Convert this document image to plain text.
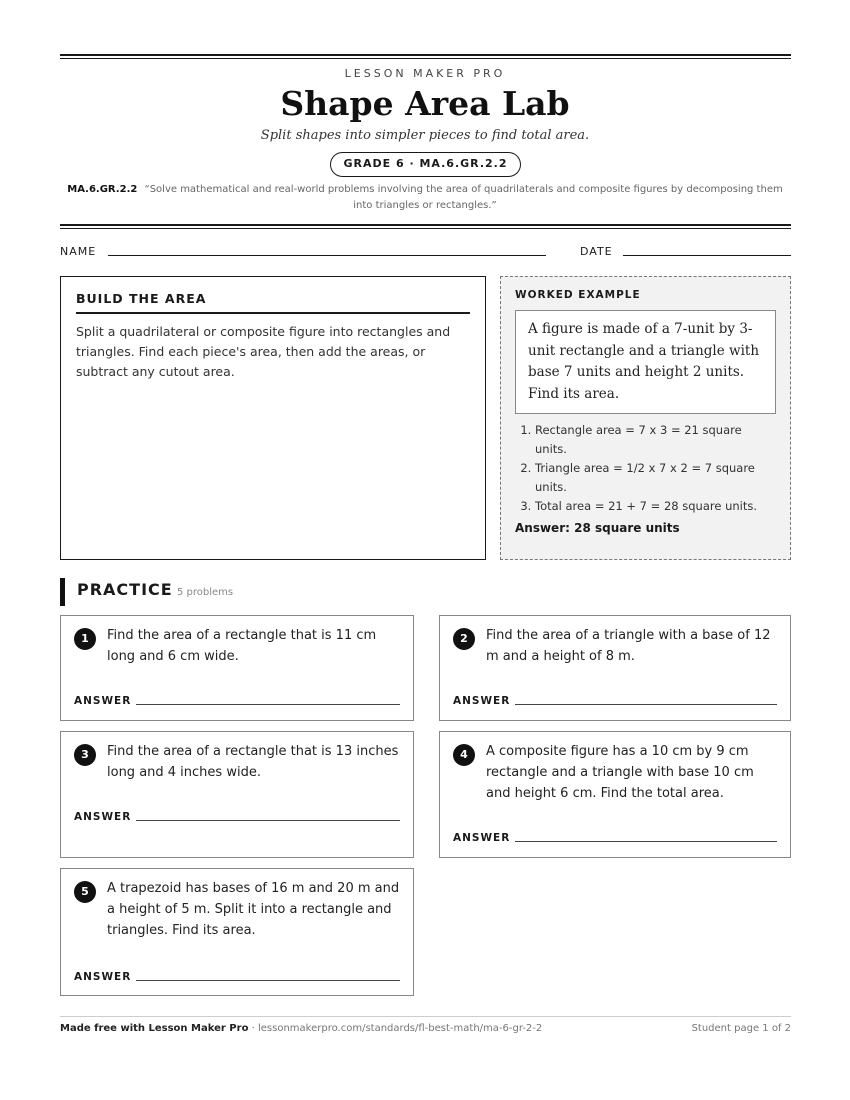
LESSON MAKER PRO
Shape Area Lab
Split shapes into simpler pieces to find total area.
GRADE 6 · MA.6.GR.2.2
MA.6.GR.2.2 “Solve mathematical and real-world problems involving the area of quadrilaterals and composite figures by decomposing them into triangles or rectangles.”
NAME	DATE
BUILD THE AREA

Split a quadrilateral or composite figure into rectangles and triangles. Find each piece's area, then add the areas, or subtract any cutout area.

WORKED EXAMPLE
A figure is made of a 7-unit by 3-unit rectangle and a triangle with base 7 units and height 2 units. Find its area.
1. Rectangle area = 7 x 3 = 21 square units.
2. Triangle area = 1/2 x 7 x 2 = 7 square units.
3. Total area = 21 + 7 = 28 square units.
Answer: 28 square units
PRACTICE 5 problems
1	Find the area of a rectangle that is 11 cm long and 6 cm wide.
ANSWER
2	Find the area of a triangle with a base of 12 m and a height of 8 m.
ANSWER
3	Find the area of a rectangle that is 13 inches long and 4 inches wide.
ANSWER
4	A composite figure has a 10 cm by 9 cm rectangle and a triangle with base 10 cm and height 6 cm. Find the total area.
ANSWER
5	A trapezoid has bases of 16 m and 20 m and a height of 5 m. Split it into a rectangle and triangles. Find its area.
ANSWER
Made free with Lesson Maker Pro · lessonmakerpro.com/standards/fl-best-math/ma-6-gr-2-2	Student page 1 of 2
